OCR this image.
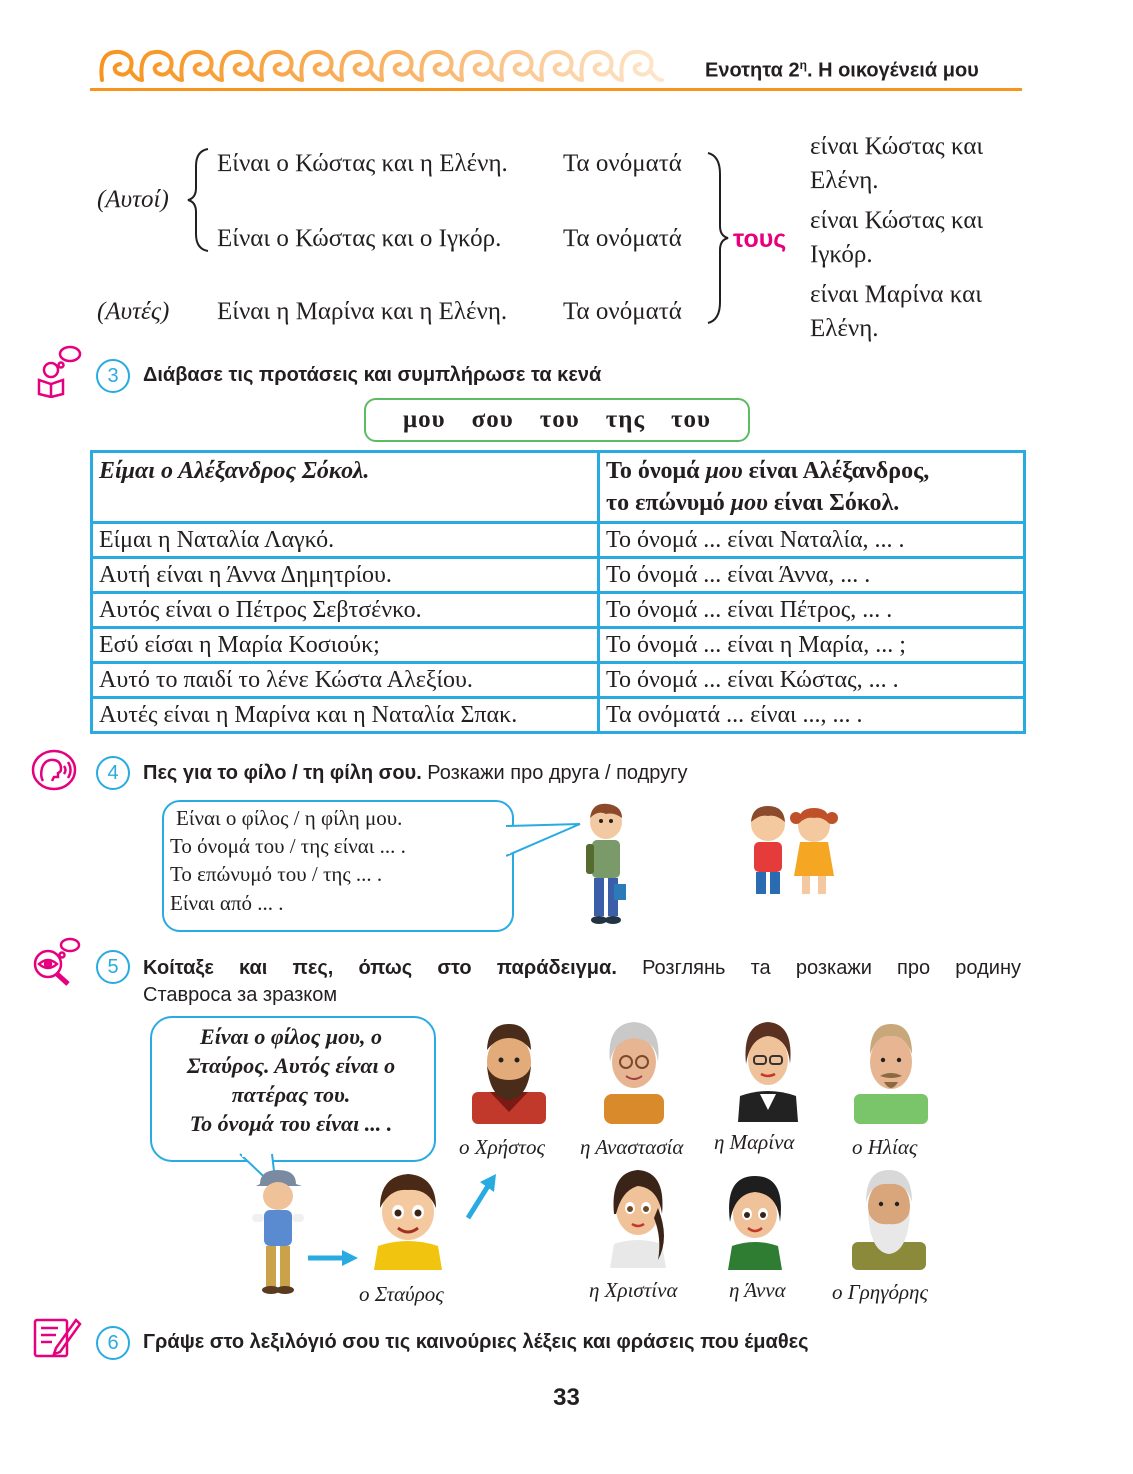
Ενοτητα $2^\eta$. Η οικογένειά μου
(Αυτοί)
Είναι ο Κώστας και η Ελένη. Τα ονόματά
Είναι ο Κώστας και ο Ιγκόρ. Τα ονόματά
(Αυτές) Είναι η Μαρίνα και η Ελένη. Τα ονόματά
τους
είναι Κώστας και
Ελένη.
είναι Κώστας και
Ιγκόρ.
είναι Μαρίνα και
Ελένη.
3	Διάβασε τις προτάσεις και συμπλήρωσε τα κενά
μου σου του της του
Είμαι ο Αλέξανδρος Σόκολ.	Το όνομά μου είναι Αλέξανδρος,
το επώνυμό μου είναι Σόκολ.

Είμαι η Ναταλία Λαγκό.	Το όνομά ... είναι Ναταλία, ... .
Αυτή είναι η Άννα Δημητρίου.	Το όνομά ... είναι Άννα, ... .
Αυτός είναι ο Πέτρος Σεβτσένκο.	Το όνομά ... είναι Πέτρος, ... .
Εσύ είσαι η Μαρία Κοσιούκ;	Το όνομά ... είναι η Μαρία, ... ;
Αυτό το παιδί το λένε Κώστα Αλεξίου.	Το όνομά ... είναι Κώστας, ... .
Αυτές είναι η Μαρίνα και η Ναταλία Σπακ.	Τα ονόματά ... είναι ..., ... .
4	Πες για το φίλο / τη φίλη σου. Розкажи про друга / подругу
Είναι ο φίλος / η φίλη μου.
Το όνομά του / της είναι ... .
Το επώνυμό του / της ... .
Είναι από ... .
5	Κοίταξε και πες, όπως στο παράδειγμα. Розглянь та розкажи про родину
Ставроса за зразком
Είναι ο φίλος μου, ο
Σταύρος. Αυτός είναι ο
πατέρας του.
Το όνομά του είναι ... .
ο Χρήστος η Αναστασία η Μαρίνα	ο Ηλίας
ο Σταύρος	η Χριστίνα η Άννα ο Γρηγόρης
6	Γράψε στο λεξιλόγιό σου τις καινούριες λέξεις και φράσεις που έμαθες
33
